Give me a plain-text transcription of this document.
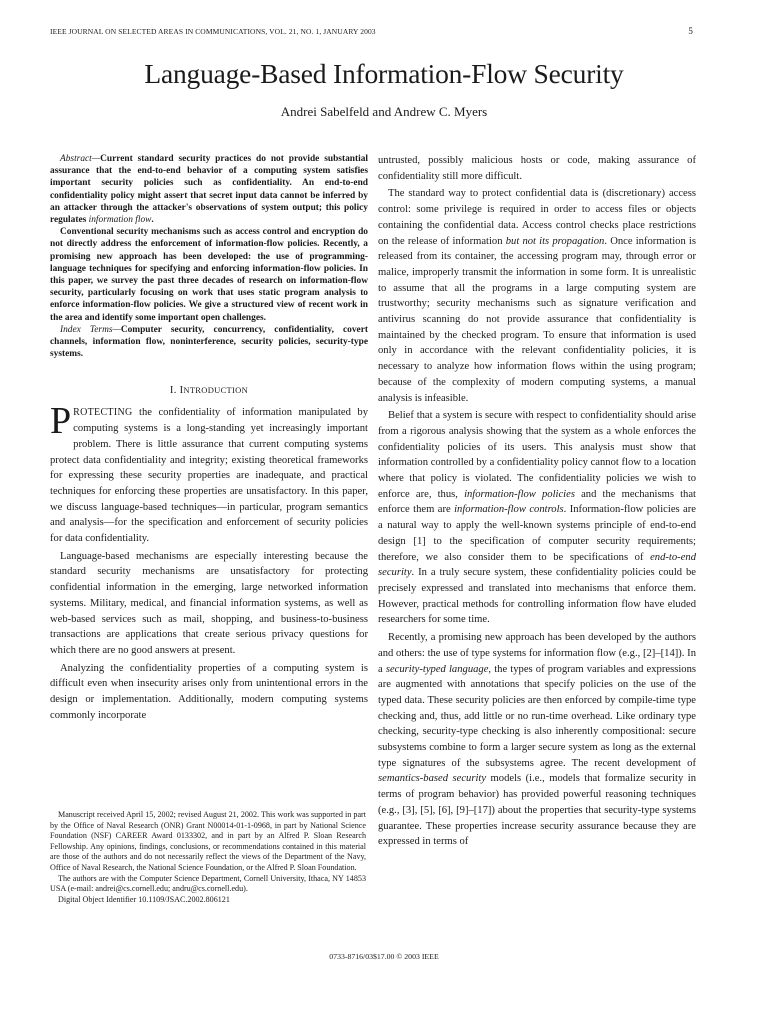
IEEE JOURNAL ON SELECTED AREAS IN COMMUNICATIONS, VOL. 21, NO. 1, JANUARY 2003	5
Language-Based Information-Flow Security
Andrei Sabelfeld and Andrew C. Myers

Abstract—Current standard security practices do not provide substantial assurance that the end-to-end behavior of a computing system satisfies important security policies such as confidentiality. An end-to-end confidentiality policy might assert that secret input data cannot be inferred by an attacker through the attacker's observations of system output; this policy regulates information flow.

Conventional security mechanisms such as access control and encryption do not directly address the enforcement of information-flow policies. Recently, a promising new approach has been developed: the use of programming-language techniques for specifying and enforcing information-flow policies. In this paper, we survey the past three decades of research on information-flow security, particularly focusing on work that uses static program analysis to enforce information-flow policies. We give a structured view of recent work in the area and identify some important open challenges.

Index Terms—Computer security, concurrency, confidentiality, covert channels, information flow, noninterference, security policies, security-type systems.

I. INTRODUCTION

PROTECTING the confidentiality of information manipulated by computing systems is a long-standing yet increasingly important problem. There is little assurance that current computing systems protect data confidentiality and integrity; existing theoretical frameworks for expressing these security properties are inadequate, and practical techniques for enforcing these properties are unsatisfactory. In this paper, we discuss language-based techniques—in particular, program semantics and analysis—for the specification and enforcement of security policies for data confidentiality.

Language-based mechanisms are especially interesting because the standard security mechanisms are unsatisfactory for protecting confidential information in the emerging, large networked information systems. Military, medical, and financial information systems, as well as web-based services such as mail, shopping, and business-to-business transactions are applications that create serious privacy questions for which there are no good answers at present.

Analyzing the confidentiality properties of a computing system is difficult even when insecurity arises only from unintentional errors in the design or implementation. Additionally, modern computing systems commonly incorporate

Manuscript received April 15, 2002; revised August 21, 2002. This work was supported in part by the Office of Naval Research (ONR) Grant N00014-01-1-0968, in part by National Science Foundation (NSF) CAREER Award 0133302, and in part by an Alfred P. Sloan Research Fellowship. Any opinions, findings, conclusions, or recommendations contained in this material are those of the authors and do not necessarily reflect the views of the Department of the Navy, Office of Naval Research, the National Science Foundation, or the Alfred P. Sloan Foundation.

The authors are with the Computer Science Department, Cornell University, Ithaca, NY 14853 USA (e-mail: andrei@cs.cornell.edu; andru@cs.cornell.edu).

Digital Object Identifier 10.1109/JSAC.2002.806121

untrusted, possibly malicious hosts or code, making assurance of confidentiality still more difficult.

The standard way to protect confidential data is (discretionary) access control: some privilege is required in order to access files or objects containing the confidential data. Access control checks place restrictions on the release of information but not its propagation. Once information is released from its container, the accessing program may, through error or malice, improperly transmit the information in some form. It is unrealistic to assume that all the programs in a large computing system are trustworthy; security mechanisms such as signature verification and antivirus scanning do not provide assurance that confidentiality is maintained by the checked program. To ensure that information is used only in accordance with the relevant confidentiality policies, it is necessary to analyze how information flows within the using program; because of the complexity of modern computing systems, a manual analysis is infeasible.

Belief that a system is secure with respect to confidentiality should arise from a rigorous analysis showing that the system as a whole enforces the confidentiality policies of its users. This analysis must show that information controlled by a confidentiality policy cannot flow to a location where that policy is violated. The confidentiality policies we wish to enforce are, thus, information-flow policies and the mechanisms that enforce them are information-flow controls. Information-flow policies are a natural way to apply the well-known systems principle of end-to-end design [1] to the specification of computer security requirements; therefore, we also consider them to be specifications of end-to-end security. In a truly secure system, these confidentiality policies could be precisely expressed and translated into mechanisms that enforce them. However, practical methods for controlling information flow have eluded researchers for some time.

Recently, a promising new approach has been developed by the authors and others: the use of type systems for information flow (e.g., [2]–[14]). In a security-typed language, the types of program variables and expressions are augmented with annotations that specify policies on the use of the typed data. These security policies are then enforced by compile-time type checking and, thus, add little or no run-time overhead. Like ordinary type checking, security-type checking is also inherently compositional: secure subsystems combine to form a larger secure system as long as the external type signatures of the subsystems agree. The recent development of semantics-based security models (i.e., models that formalize security in terms of program behavior) has provided powerful reasoning techniques (e.g., [3], [5], [6], [9]–[17]) about the properties that security-type systems guarantee. These properties increase security assurance because they are expressed in terms of

0733-8716/03$17.00 © 2003 IEEE
